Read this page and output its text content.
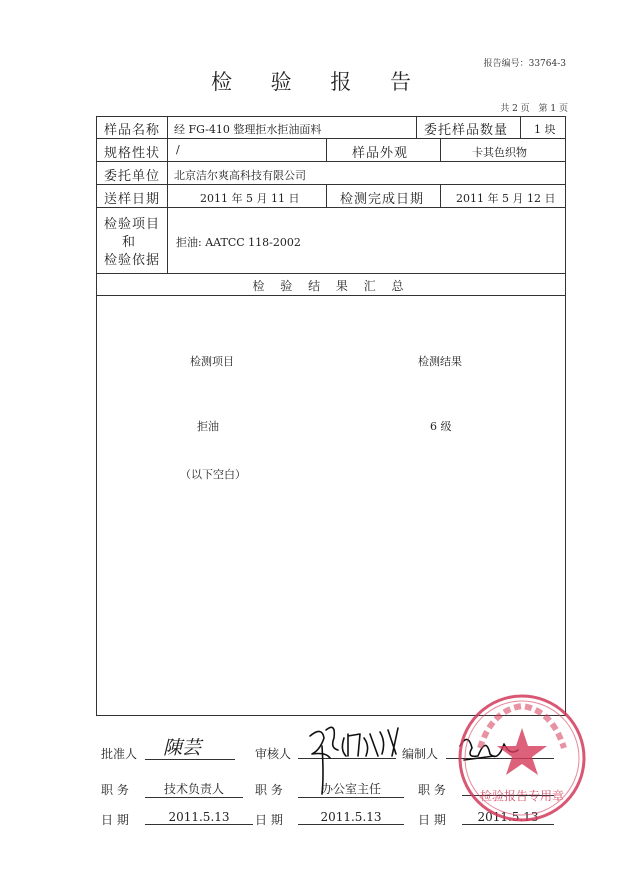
报告编号：33764-3
检 验 报 告
共 2 页 第 1 页
样品名称 经 FG-410 整理拒水拒油面料	委托样品数量 1 块
规格性状 /	样品外观	卡其色织物
委托单位 北京洁尔爽高科技有限公司
送样日期	2011 年 5 月 11 日	检测完成日期	2011 年 5 月 12 日
检验项目
和
检验依据
拒油: AATCC 118-2002
检 验 结 果 汇 总
检测项目	检测结果
拒油	6 级
（以下空白）
批准人 陳芸	审核人	编制人
职 务	技术负责人	职 务	办公室主任	职 务
日 期	2011.5.13	日 期	2011.5.13	日 期	2011.5.13
检验报告专用章
